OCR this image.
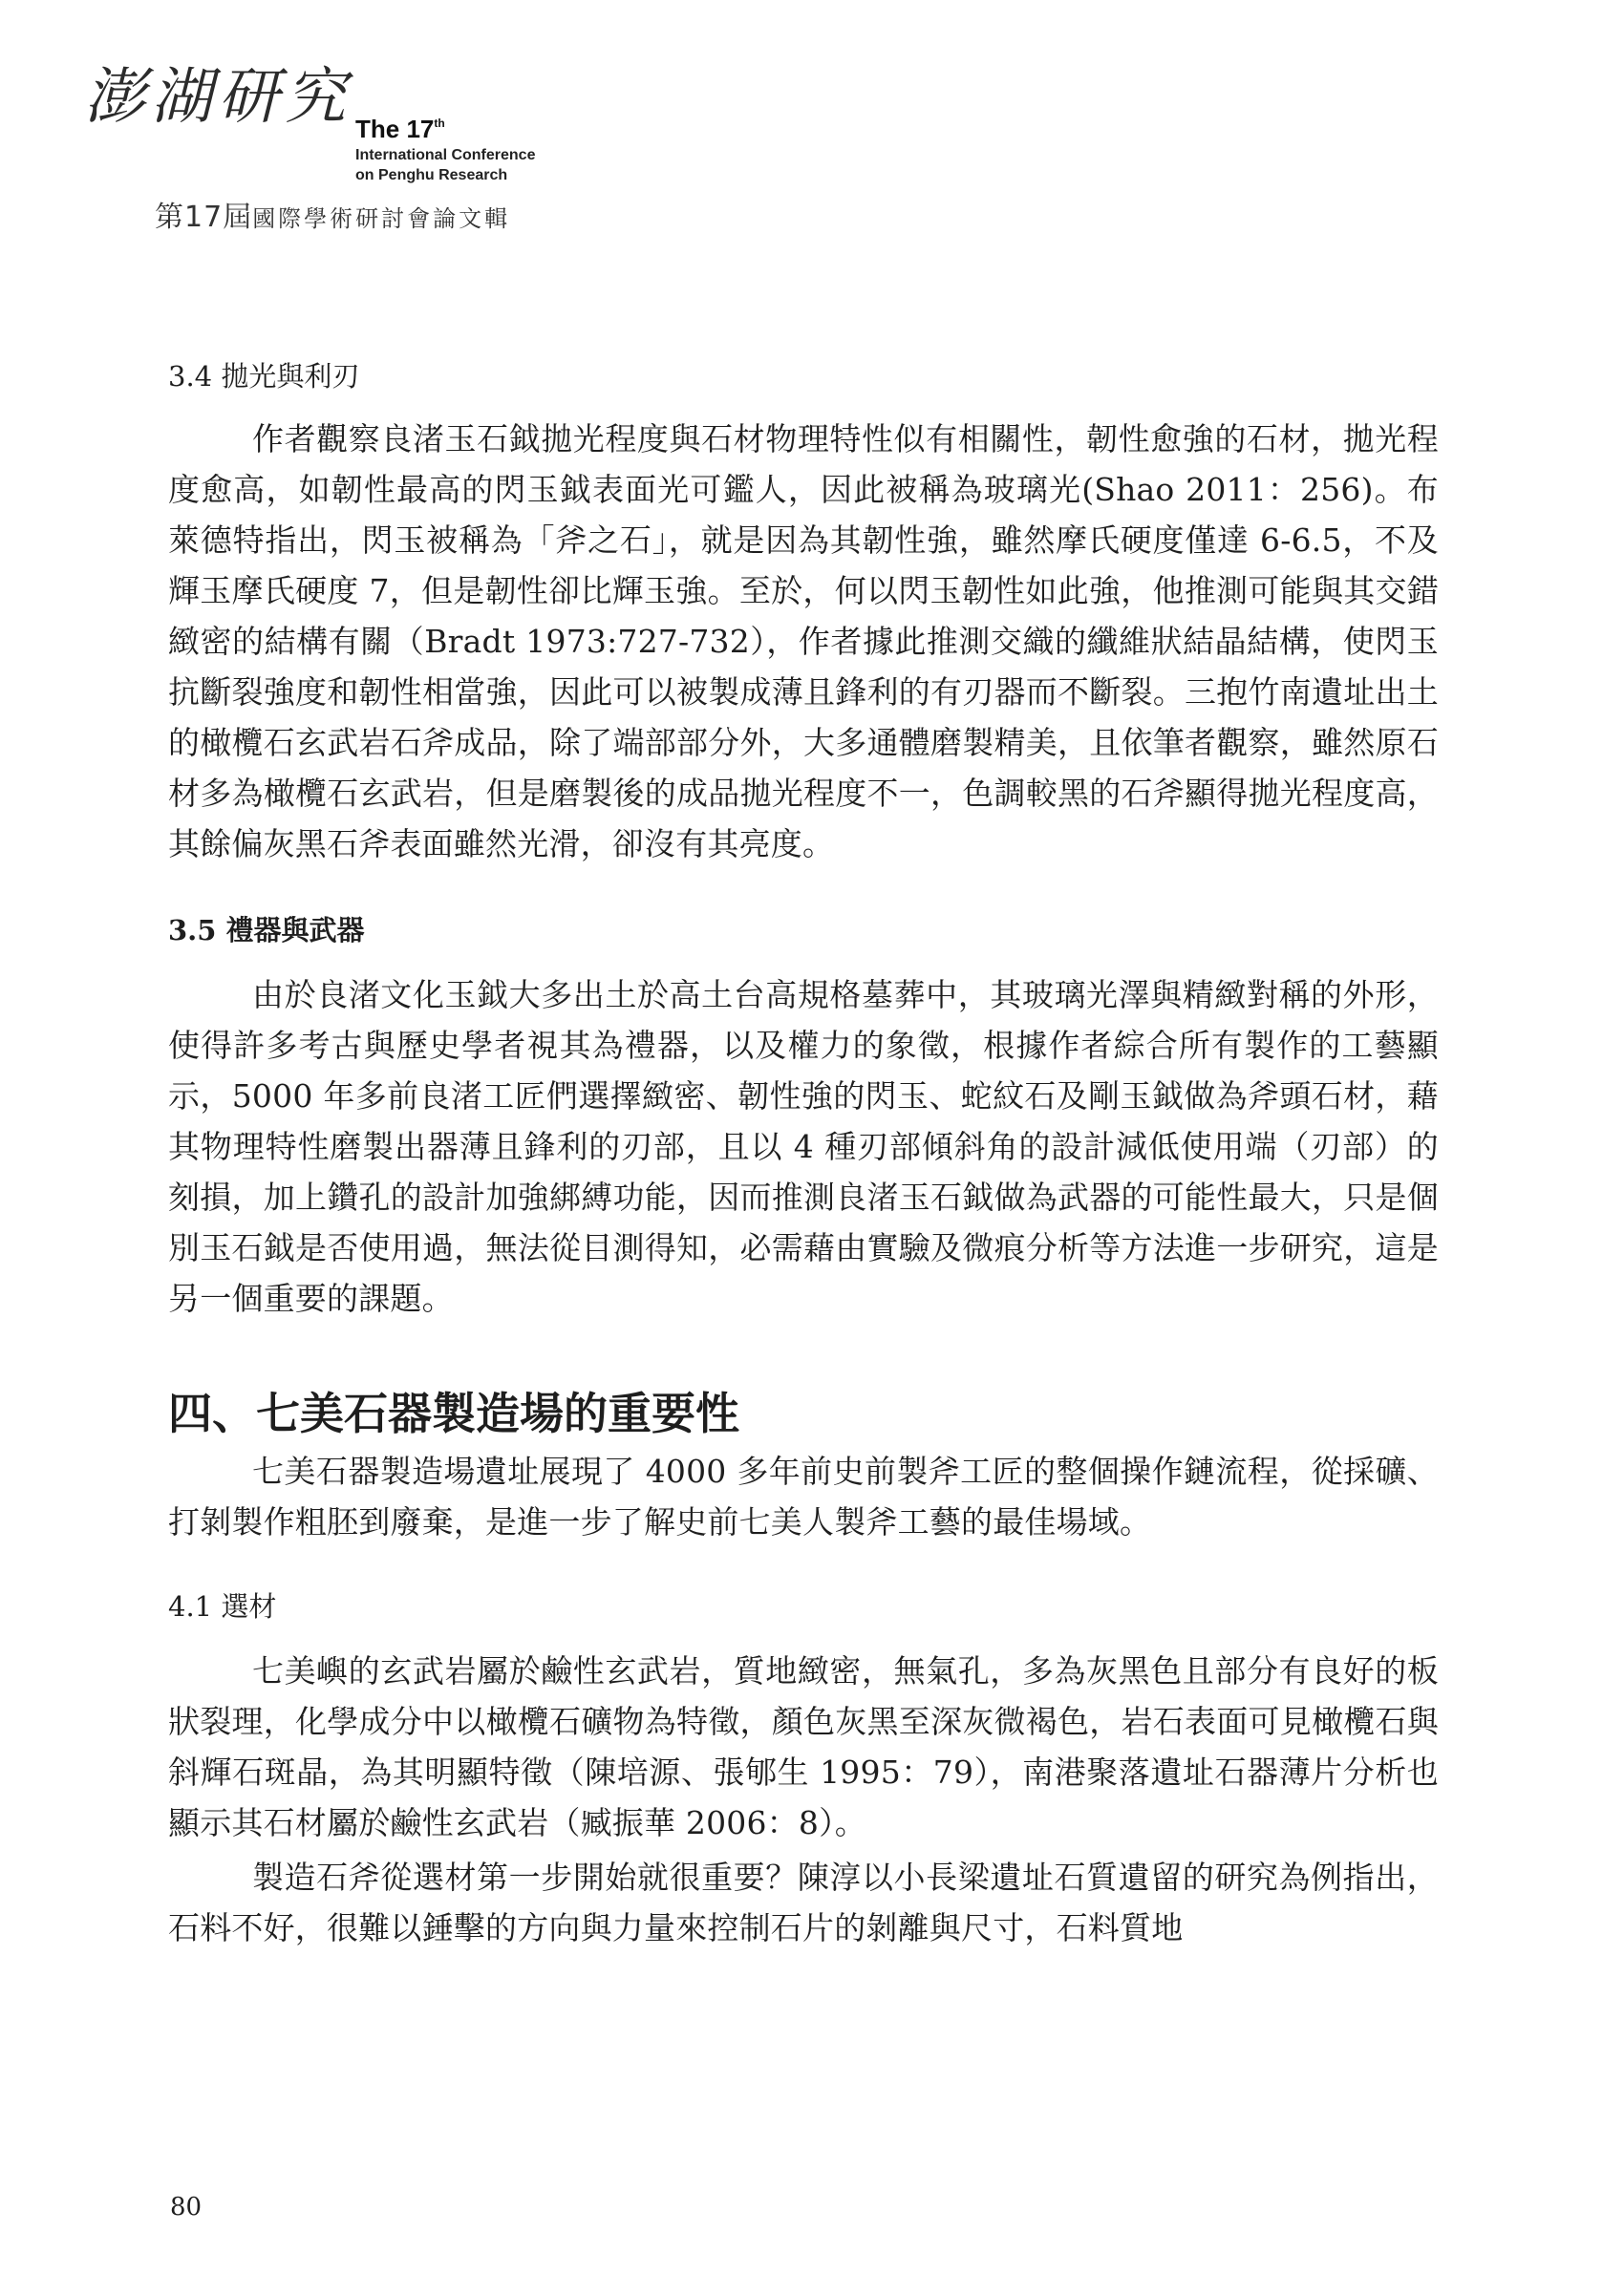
澎湖研究 The 17th
International Conference
on Penghu Research
第17屆國際學術研討會論文輯
3.4 拋光與利刃

作者觀察良渚玉石鉞拋光程度與石材物理特性似有相關性，韌性愈強的石材，拋光程度愈高，如韌性最高的閃玉鉞表面光可鑑人，因此被稱為玻璃光(Shao 2011：256)。布萊德特指出，閃玉被稱為「斧之石」，就是因為其韌性強，雖然摩氏硬度僅達 6-6.5，不及輝玉摩氏硬度 7，但是韌性卻比輝玉強。至於，何以閃玉韌性如此強，他推測可能與其交錯緻密的結構有關（Bradt 1973:727-732），作者據此推測交織的纖維狀結晶結構，使閃玉抗斷裂強度和韌性相當強，因此可以被製成薄且鋒利的有刃器而不斷裂。三抱竹南遺址出土的橄欖石玄武岩石斧成品，除了端部部分外，大多通體磨製精美，且依筆者觀察，雖然原石材多為橄欖石玄武岩，但是磨製後的成品拋光程度不一，色調較黑的石斧顯得拋光程度高，其餘偏灰黑石斧表面雖然光滑，卻沒有其亮度。

3.5 禮器與武器

由於良渚文化玉鉞大多出土於高土台高規格墓葬中，其玻璃光澤與精緻對稱的外形，使得許多考古與歷史學者視其為禮器，以及權力的象徵，根據作者綜合所有製作的工藝顯示，5000 年多前良渚工匠們選擇緻密、韌性強的閃玉、蛇紋石及剛玉鉞做為斧頭石材，藉其物理特性磨製出器薄且鋒利的刃部，且以 4 種刃部傾斜角的設計減低使用端（刃部）的刻損，加上鑽孔的設計加強綁縛功能，因而推測良渚玉石鉞做為武器的可能性最大，只是個別玉石鉞是否使用過，無法從目測得知，必需藉由實驗及微痕分析等方法進一步研究，這是另一個重要的課題。

四、七美石器製造場的重要性

七美石器製造場遺址展現了 4000 多年前史前製斧工匠的整個操作鏈流程，從採礦、打剝製作粗胚到廢棄，是進一步了解史前七美人製斧工藝的最佳場域。

4.1 選材

七美嶼的玄武岩屬於鹼性玄武岩，質地緻密，無氣孔，多為灰黑色且部分有良好的板狀裂理，化學成分中以橄欖石礦物為特徵，顏色灰黑至深灰微褐色，岩石表面可見橄欖石與斜輝石斑晶，為其明顯特徵（陳培源、張郇生 1995：79），南港聚落遺址石器薄片分析也顯示其石材屬於鹼性玄武岩（臧振華 2006：8）。

製造石斧從選材第一步開始就很重要？陳淳以小長梁遺址石質遺留的研究為例指出，石料不好，很難以錘擊的方向與力量來控制石片的剝離與尺寸，石料質地

80
